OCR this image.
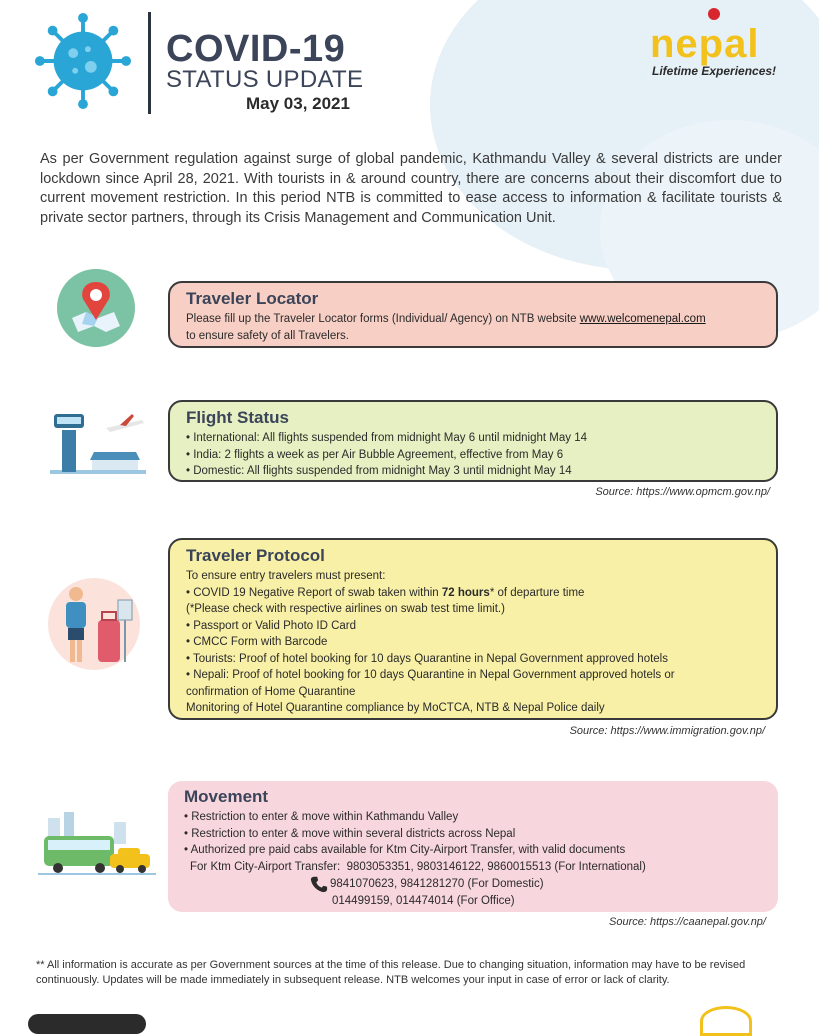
COVID-19
STATUS UPDATE
May 03, 2021
nepal
Lifetime Experiences!
As per Government regulation against surge of global pandemic, Kathmandu Valley & several districts are under lockdown since April 28, 2021. With tourists in & around country, there are concerns about their discomfort due to current movement restriction. In this period NTB is committed to ease access to information & facilitate tourists & private sector partners, through its Crisis Management and Communication Unit.
Traveler Locator
Please fill up the Traveler Locator forms (Individual/ Agency) on NTB website www.welcomenepal.com
to ensure safety of all Travelers.
Flight Status
• International: All flights suspended from midnight May 6 until midnight May 14
• India: 2 flights a week as per Air Bubble Agreement, effective from May 6
• Domestic: All flights suspended from midnight May 3 until midnight May 14
Source: https://www.opmcm.gov.np/
Traveler Protocol
To ensure entry travelers must present:
• COVID 19 Negative Report of swab taken within 72 hours* of departure time
(*Please check with respective airlines on swab test time limit.)
• Passport or Valid Photo ID Card
• CMCC Form with Barcode
• Tourists: Proof of hotel booking for 10 days Quarantine in Nepal Government approved hotels
• Nepali: Proof of hotel booking for 10 days Quarantine in Nepal Government approved hotels or
confirmation of Home Quarantine
Monitoring of Hotel Quarantine compliance by MoCTCA, NTB & Nepal Police daily
Source: https://www.immigration.gov.np/
Movement
• Restriction to enter & move within Kathmandu Valley
• Restriction to enter & move within several districts across Nepal
• Authorized pre paid cabs available for Ktm City-Airport Transfer, with valid documents
For Ktm City-Airport Transfer: 9803053351, 9803146122, 9860015513 (For International)
9841070623, 9841281270 (For Domestic)
014499159, 014474014 (For Office)
Source: https://caanepal.gov.np/
** All information is accurate as per Government sources at the time of this release. Due to changing situation, information may have to be revised continuously. Updates will be made immediately in subsequent release. NTB welcomes your input in case of error or lack of clarity.
